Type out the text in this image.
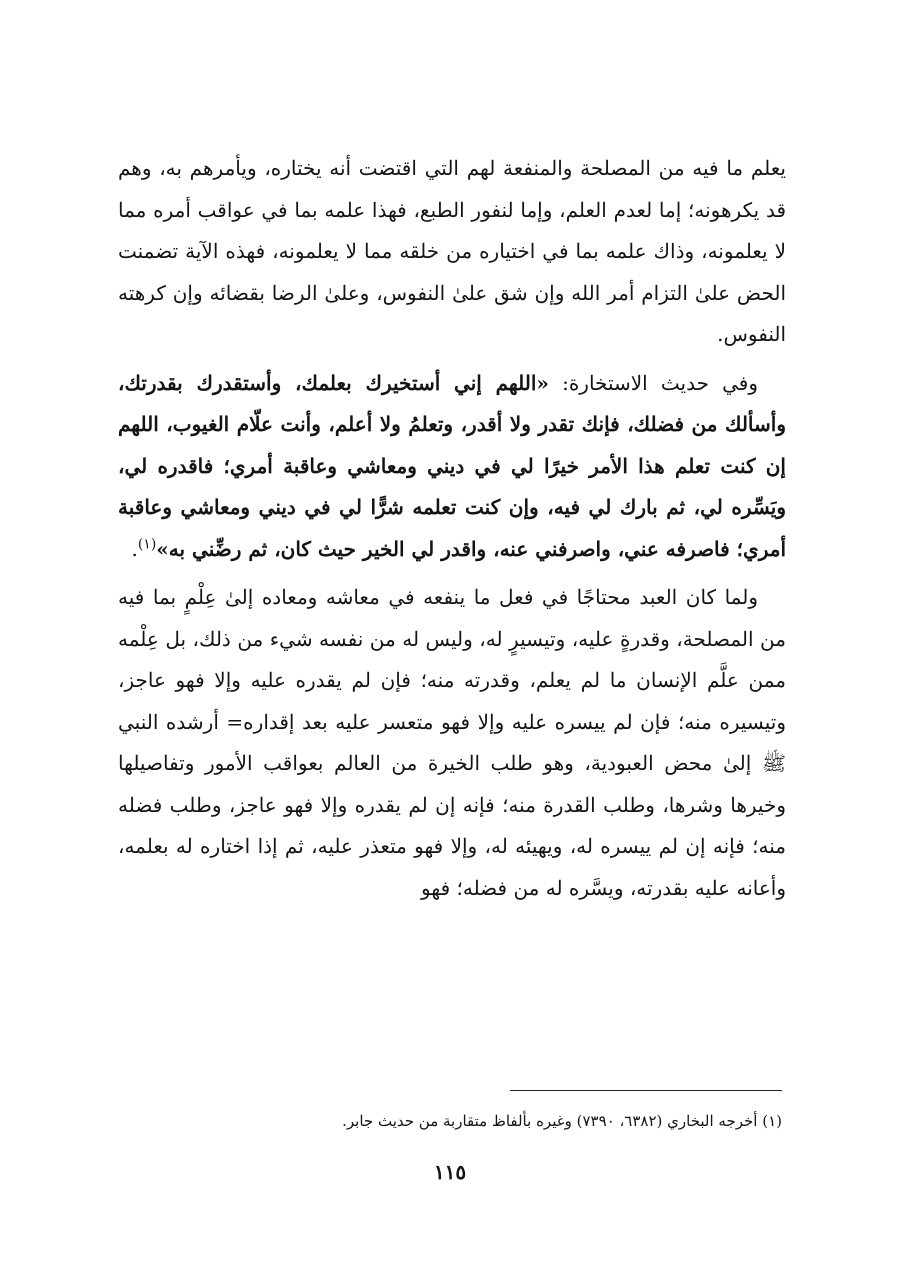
يعلم ما فيه من المصلحة والمنفعة لهم التي اقتضت أنه يختاره، ويأمرهم به، وهم قد يكرهونه؛ إما لعدم العلم، وإما لنفور الطبع، فهذا علمه بما في عواقب أمره مما لا يعلمونه، وذاك علمه بما في اختياره من خلقه مما لا يعلمونه، فهذه الآية تضمنت الحض علىٰ التزام أمر الله وإن شق علىٰ النفوس، وعلىٰ الرضا بقضائه وإن كرهته النفوس.

وفي حديث الاستخارة: «اللهم إني أستخيرك بعلمك، وأستقدرك بقدرتك، وأسألك من فضلك، فإنك تقدر ولا أقدر، وتعلمُ ولا أعلم، وأنت علّام الغيوب، اللهم إن كنت تعلم هذا الأمر خيرًا لي في ديني ومعاشي وعاقبة أمري؛ فاقدره لي، ويَسِّره لي، ثم بارك لي فيه، وإن كنت تعلمه شرًّا لي في ديني ومعاشي وعاقبة أمري؛ فاصرفه عني، واصرفني عنه، واقدر لي الخير حيث كان، ثم رضِّني به»$^{(١)}$.

ولما كان العبد محتاجًا في فعل ما ينفعه في معاشه ومعاده إلىٰ عِلْمٍ بما فيه من المصلحة، وقدرةٍ عليه، وتيسيرٍ له، وليس له من نفسه شيء من ذلك، بل عِلْمه ممن علَّم الإنسان ما لم يعلم، وقدرته منه؛ فإن لم يقدره عليه وإلا فهو عاجز، وتيسيره منه؛ فإن لم ييسره عليه وإلا فهو متعسر عليه بعد إقداره= أرشده النبي ﷺ إلىٰ محض العبودية، وهو طلب الخيرة من العالم بعواقب الأمور وتفاصيلها وخيرها وشرها، وطلب القدرة منه؛ فإنه إن لم يقدره وإلا فهو عاجز، وطلب فضله منه؛ فإنه إن لم ييسره له، ويهيئه له، وإلا فهو متعذر عليه، ثم إذا اختاره له بعلمه، وأعانه عليه بقدرته، ويسَّره له من فضله؛ فهو

(١) أخرجه البخاري (٦٣٨٢، ٧٣٩٠) وغيره بألفاظ متقاربة من حديث جابر.
١١٥
